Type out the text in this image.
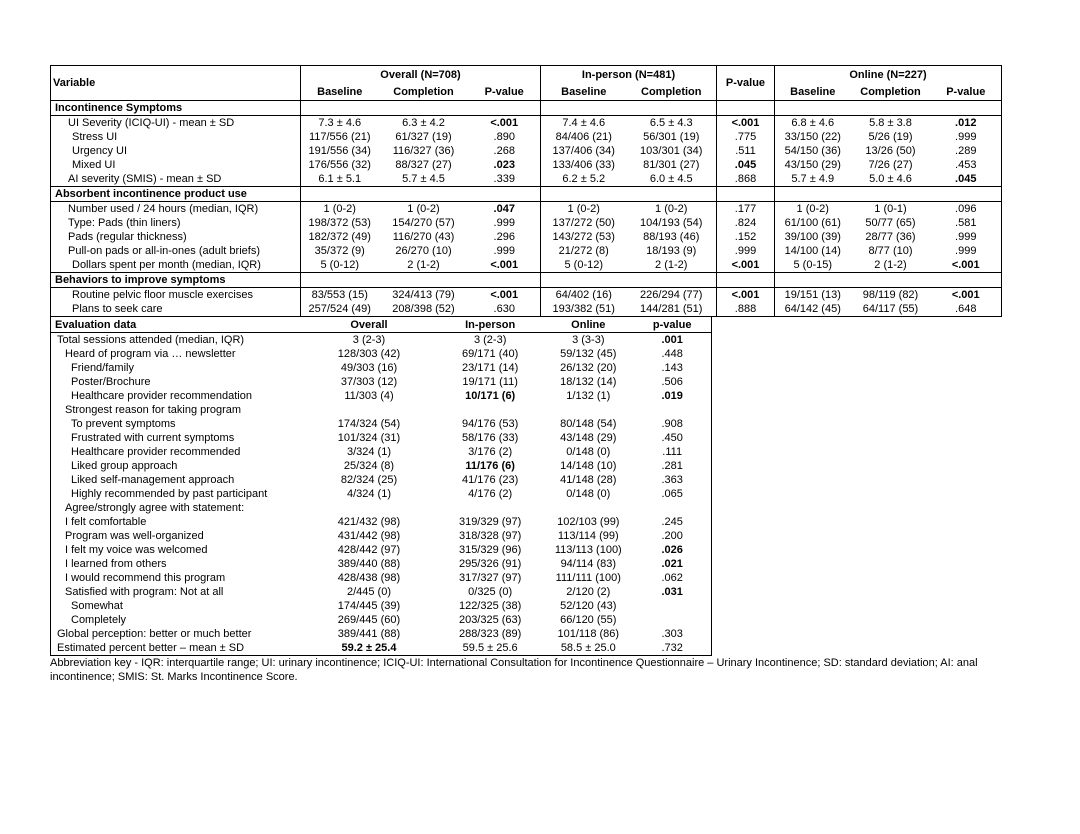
Variable	Overall (N=708)			In-person (N=481)		P-value	Online (N=227)		
	Baseline	Completion	P-value	Baseline	Completion		Baseline	Completion	P-value
Incontinence Symptoms									
UI Severity (ICIQ-UI) - mean ± SD	7.3 ± 4.6	6.3 ± 4.2	<.001	7.4 ± 4.6	6.5 ± 4.3	<.001	6.8 ± 4.6	5.8 ± 3.8	.012
Stress UI	117/556 (21)	61/327 (19)	.890	84/406 (21)	56/301 (19)	.775	33/150 (22)	5/26 (19)	.999
Urgency UI	191/556 (34)	116/327 (36)	.268	137/406 (34)	103/301 (34)	.511	54/150 (36)	13/26 (50)	.289
Mixed UI	176/556 (32)	88/327 (27)	.023	133/406 (33)	81/301 (27)	.045	43/150 (29)	7/26 (27)	.453
AI severity (SMIS) - mean ± SD	6.1 ± 5.1	5.7 ± 4.5	.339	6.2 ± 5.2	6.0 ± 4.5	.868	5.7 ± 4.9	5.0 ± 4.6	.045
Absorbent incontinence product use									
Number used / 24 hours (median, IQR)	1 (0-2)	1 (0-2)	.047	1 (0-2)	1 (0-2)	.177	1 (0-2)	1 (0-1)	.096
Type: Pads (thin liners)	198/372 (53)	154/270 (57)	.999	137/272 (50)	104/193 (54)	.824	61/100 (61)	50/77 (65)	.581
Pads (regular thickness)	182/372 (49)	116/270 (43)	.296	143/272 (53)	88/193 (46)	.152	39/100 (39)	28/77 (36)	.999
Pull-on pads or all-in-ones (adult briefs)	35/372 (9)	26/270 (10)	.999	21/272 (8)	18/193 (9)	.999	14/100 (14)	8/77 (10)	.999
Dollars spent per month (median, IQR)	5 (0-12)	2 (1-2)	<.001	5 (0-12)	2 (1-2)	<.001	5 (0-15)	2 (1-2)	<.001
Behaviors to improve symptoms									
Routine pelvic floor muscle exercises	83/553 (15)	324/413 (79)	<.001	64/402 (16)	226/294 (77)	<.001	19/151 (13)	98/119 (82)	<.001
Plans to seek care	257/524 (49)	208/398 (52)	.630	193/382 (51)	144/281 (51)	.888	64/142 (45)	64/117 (55)	.648
Evaluation data	Overall	In-person	Online	p-value
Total sessions attended (median, IQR)	3 (2-3)	3 (2-3)	3 (3-3)	.001
Heard of program via … newsletter	128/303 (42)	69/171 (40)	59/132 (45)	.448
Friend/family	49/303 (16)	23/171 (14)	26/132 (20)	.143
Poster/Brochure	37/303 (12)	19/171 (11)	18/132 (14)	.506
Healthcare provider recommendation	11/303 (4)	10/171 (6)	1/132 (1)	.019
Strongest reason for taking program				
To prevent symptoms	174/324 (54)	94/176 (53)	80/148 (54)	.908
Frustrated with current symptoms	101/324 (31)	58/176 (33)	43/148 (29)	.450
Healthcare provider recommended	3/324 (1)	3/176 (2)	0/148 (0)	.111
Liked group approach	25/324 (8)	11/176 (6)	14/148 (10)	.281
Liked self-management approach	82/324 (25)	41/176 (23)	41/148 (28)	.363
Highly recommended by past participant	4/324 (1)	4/176 (2)	0/148 (0)	.065
Agree/strongly agree with statement:				
I felt comfortable	421/432 (98)	319/329 (97)	102/103 (99)	.245
Program was well-organized	431/442 (98)	318/328 (97)	113/114 (99)	.200
I felt my voice was welcomed	428/442 (97)	315/329 (96)	113/113 (100)	.026
I learned from others	389/440 (88)	295/326 (91)	94/114 (83)	.021
I would recommend this program	428/438 (98)	317/327 (97)	111/111 (100)	.062
Satisfied with program: Not at all	2/445 (0)	0/325 (0)	2/120 (2)	.031
Somewhat	174/445 (39)	122/325 (38)	52/120 (43)	
Completely	269/445 (60)	203/325 (63)	66/120 (55)	
Global perception: better or much better	389/441 (88)	288/323 (89)	101/118 (86)	.303
Estimated percent better – mean ± SD	59.2 ± 25.4	59.5 ± 25.6	58.5 ± 25.0	.732
Abbreviation key - IQR: interquartile range; UI: urinary incontinence; ICIQ-UI: International Consultation for Incontinence Questionnaire – Urinary Incontinence; SD: standard deviation; AI: anal incontinence; SMIS: St. Marks Incontinence Score.
